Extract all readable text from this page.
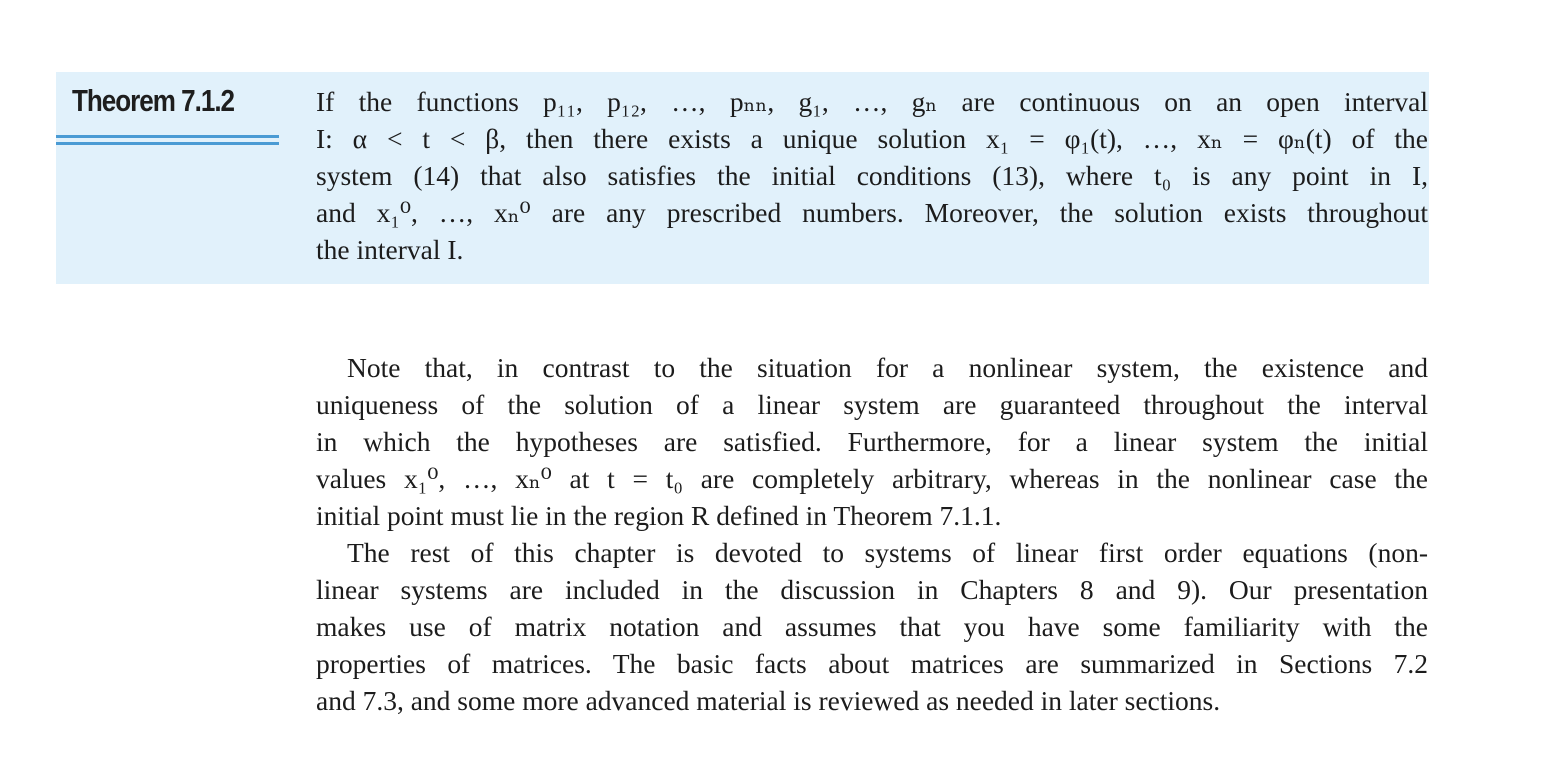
Theorem 7.1.2	If the functions p₁₁, p₁₂, …, pₙₙ, g₁, …, gₙ are continuous on an open interval
I: α < t < β, then there exists a unique solution x₁ = φ₁(t), …, xₙ = φₙ(t) of the
system (14) that also satisfies the initial conditions (13), where t₀ is any point in I,
and x₁⁰, …, xₙ⁰ are any prescribed numbers. Moreover, the solution exists throughout
the interval I.
Note that, in contrast to the situation for a nonlinear system, the existence and
uniqueness of the solution of a linear system are guaranteed throughout the interval
in which the hypotheses are satisfied. Furthermore, for a linear system the initial
values x₁⁰, …, xₙ⁰ at t = t₀ are completely arbitrary, whereas in the nonlinear case the
initial point must lie in the region R defined in Theorem 7.1.1.
The rest of this chapter is devoted to systems of linear first order equations (non-
linear systems are included in the discussion in Chapters 8 and 9). Our presentation
makes use of matrix notation and assumes that you have some familiarity with the
properties of matrices. The basic facts about matrices are summarized in Sections 7.2
and 7.3, and some more advanced material is reviewed as needed in later sections.
